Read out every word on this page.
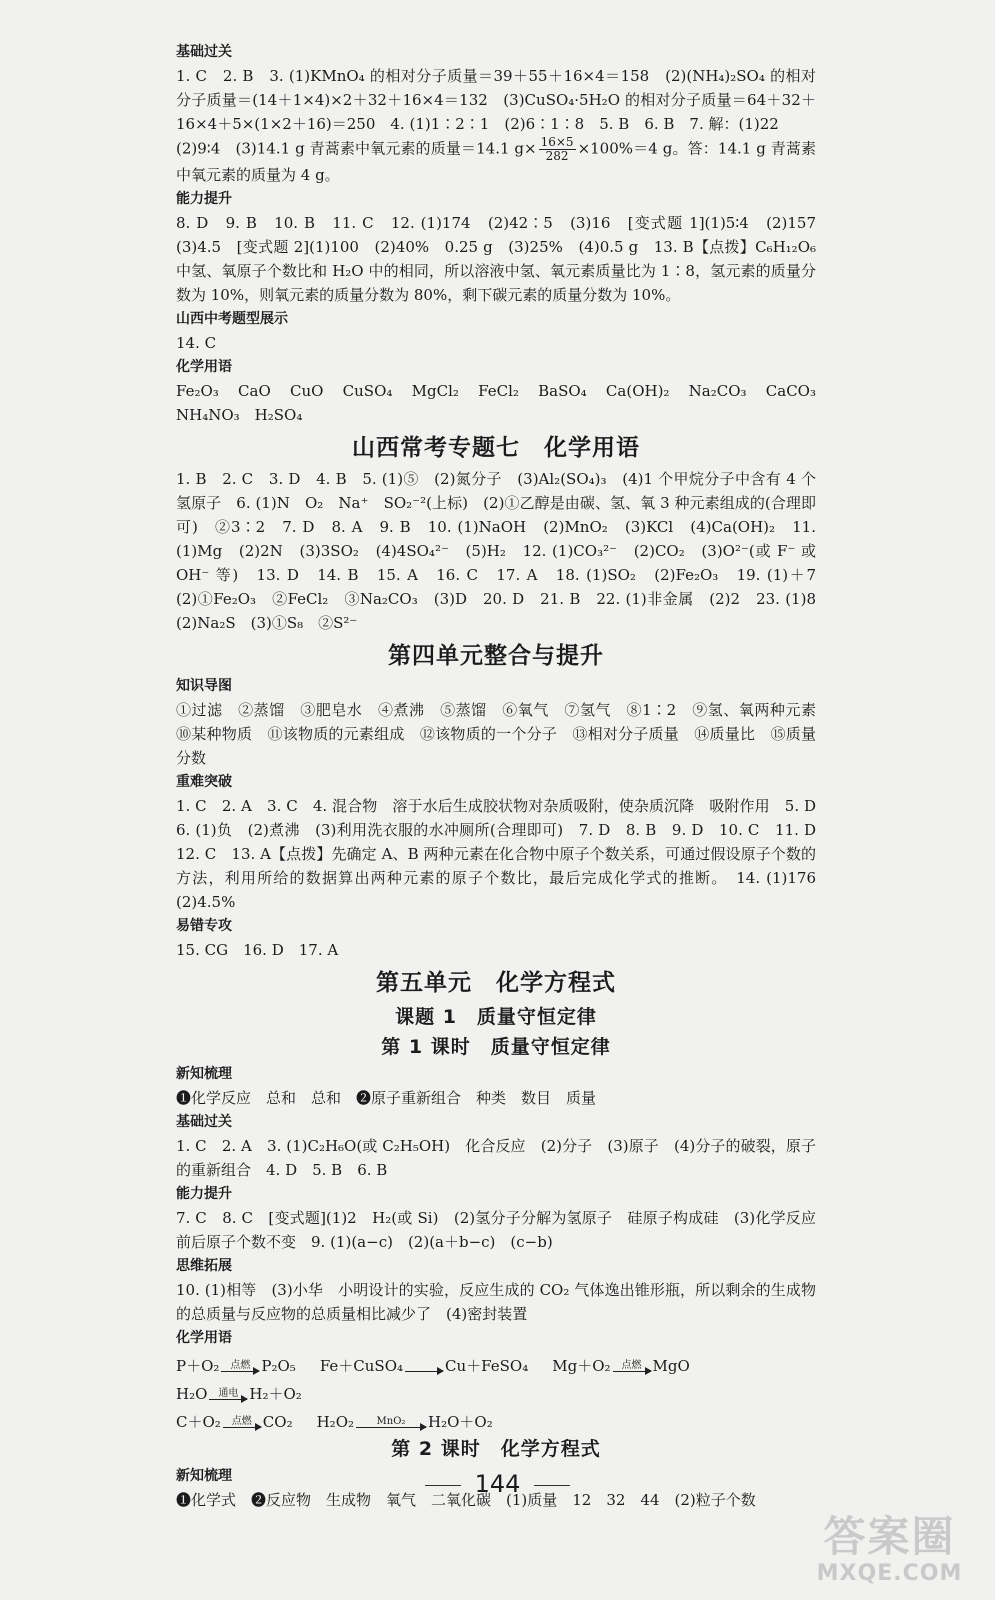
基础过关

1. C　2. B　3. (1)KMnO₄ 的相对分子质量＝39＋55＋16×4＝158　(2)(NH₄)₂SO₄ 的相对分子质量＝(14＋1×4)×2＋32＋16×4＝132　(3)CuSO₄·5H₂O 的相对分子质量＝64＋32＋16×4＋5×(1×2＋16)＝250　4. (1)1∶2∶1　(2)6∶1∶8　5. B　6. B　7. 解：(1)22

(2)9∶4　(3)14.1 g 青蒿素中氧元素的质量＝14.1 $g\times \frac{16\times 5}{282} \times 100\%=4$ g。答：14.1 g 青蒿素中氧元素的质量为 4 g。

能力提升

8. D　9. B　10. B　11. C　12. (1)174　(2)42∶5　(3)16　[变式题 1](1)5∶4　(2)157　(3)4.5　[变式题 2](1)100　(2)40%　0.25 g　(3)25%　(4)0.5 g　13. B【点拨】C₆H₁₂O₆ 中氢、氧原子个数比和 H₂O 中的相同，所以溶液中氢、氧元素质量比为 1∶8，氢元素的质量分数为 10%，则氧元素的质量分数为 80%，剩下碳元素的质量分数为 10%。

山西中考题型展示

14. C

化学用语

Fe₂O₃　CaO　CuO　CuSO₄　MgCl₂　FeCl₂　BaSO₄　Ca(OH)₂　Na₂CO₃　CaCO₃　NH₄NO₃　H₂SO₄

山西常考专题七　化学用语

1. B　2. C　3. D　4. B　5. (1)⑤　(2)氮分子　(3)Al₂(SO₄)₃　(4)1 个甲烷分子中含有 4 个氢原子　6. (1)N　O₂　Na⁺　SO₂⁻²(上标)　(2)①乙醇是由碳、氢、氧 3 种元素组成的(合理即可)　②3∶2　7. D　8. A　9. B　10. (1)NaOH　(2)MnO₂　(3)KCl　(4)Ca(OH)₂　11. (1)Mg　(2)2N　(3)3SO₂　(4)4SO₄²⁻　(5)H₂　12. (1)CO₃²⁻　(2)CO₂　(3)O²⁻(或 F⁻ 或 OH⁻ 等)　13. D　14. B　15. A　16. C　17. A　18. (1)SO₂　(2)Fe₂O₃　19. (1)＋7　(2)①Fe₂O₃　②FeCl₂　③Na₂CO₃　(3)D　20. D　21. B　22. (1)非金属　(2)2　23. (1)8　(2)Na₂S　(3)①S₈　②S²⁻

第四单元整合与提升
知识导图

①过滤　②蒸馏　③肥皂水　④煮沸　⑤蒸馏　⑥氧气　⑦氢气　⑧1∶2　⑨氢、氧两种元素　⑩某种物质　⑪该物质的元素组成　⑫该物质的一个分子　⑬相对分子质量　⑭质量比　⑮质量分数

重难突破

1. C　2. A　3. C　4. 混合物　溶于水后生成胶状物对杂质吸附，使杂质沉降　吸附作用　5. D　6. (1)负　(2)煮沸　(3)利用洗衣服的水冲厕所(合理即可)　7. D　8. B　9. D　10. C　11. D　12. C　13. A【点拨】先确定 A、B 两种元素在化合物中原子个数关系，可通过假设原子个数的方法，利用所给的数据算出两种元素的原子个数比，最后完成化学式的推断。　14. (1)176　(2)4.5%

易错专攻

15. CG　16. D　17. A

第五单元　化学方程式
课题 1　质量守恒定律
第 1 课时　质量守恒定律
新知梳理

❶化学反应　总和　总和　❷原子重新组合　种类　数目　质量

基础过关

1. C　2. A　3. (1)C₂H₆O(或 C₂H₅OH)　化合反应　(2)分子　(3)原子　(4)分子的破裂，原子的重新组合　4. D　5. B　6. B

能力提升

7. C　8. C　[变式题](1)2　H₂(或 Si)　(2)氢分子分解为氢原子　硅原子构成硅　(3)化学反应前后原子个数不变　9. (1)(a−c)　(2)(a＋b−c)　(c−b)

思维拓展

10. (1)相等　(3)小华　小明设计的实验，反应生成的 CO₂ 气体逸出锥形瓶，所以剩余的生成物的总质量与反应物的总质量相比减少了　(4)密封装置

化学用语
P＋O₂ 点燃 P₂O₅ Fe＋CuSO₄ → Cu＋FeSO₄ Mg＋O₂ 点燃 MgO
H₂O 通电 H₂＋O₂
C＋O₂ 点燃 CO₂ H₂O₂ MnO₂ H₂O＋O₂
第 2 课时　化学方程式
新知梳理

❶化学式　❷反应物　生成物　氧气　二氧化碳　(1)质量　12　32　44　(2)粒子个数

144
答案圈
MXQE.COM
